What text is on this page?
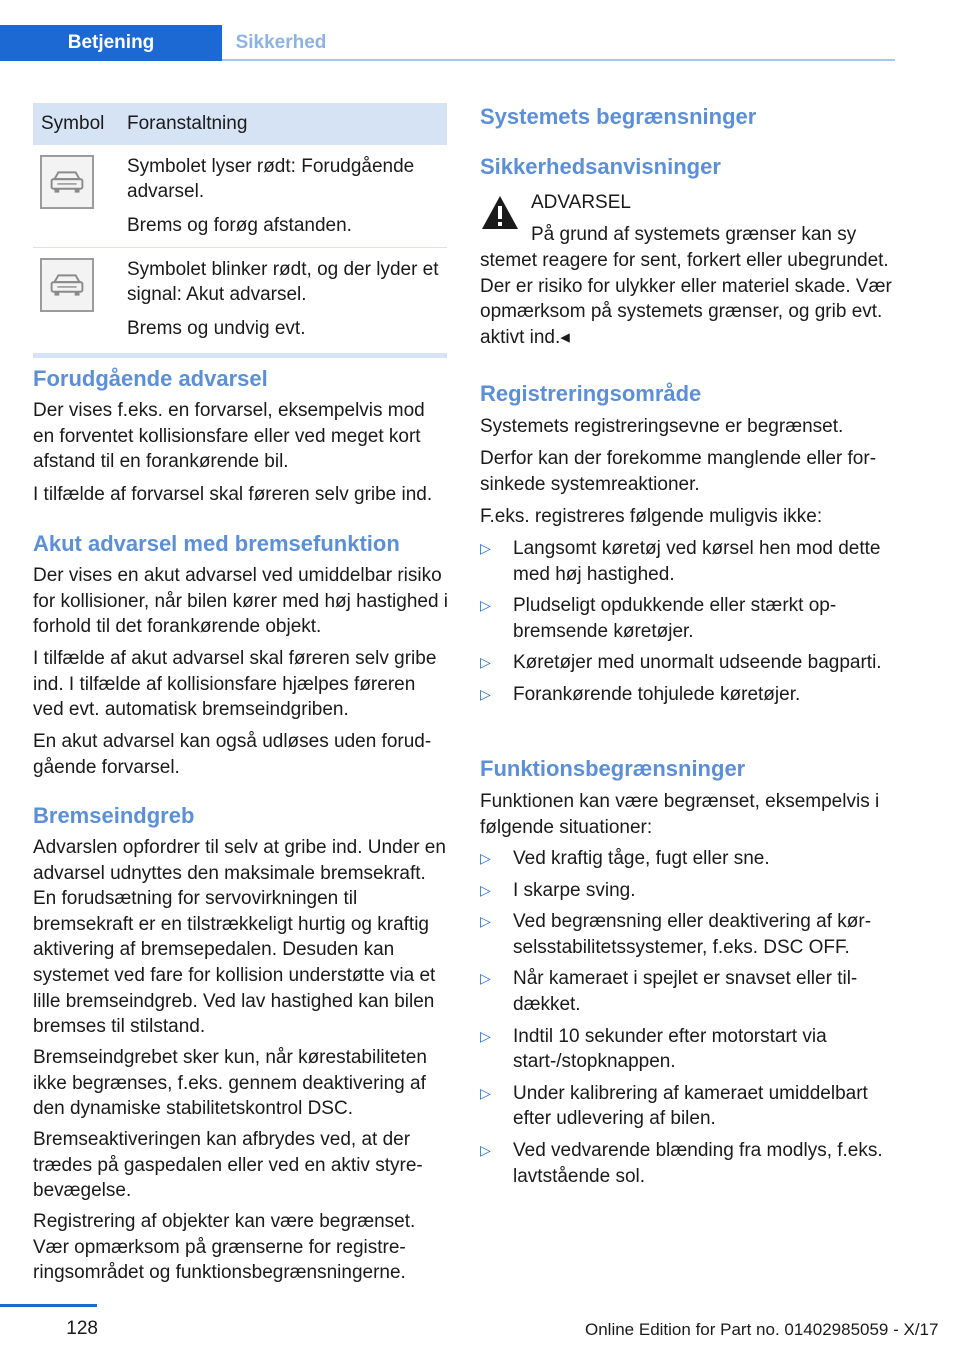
Betjening	Sikkerhed
Symbol	Foranstaltning

Symbolet lyser rødt: Forudgående advarsel.

Brems og forøg afstanden.

Symbolet blinker rødt, og der lyder et signal: Akut advarsel.

Brems og undvig evt.

Forudgående advarsel

Der vises f.eks. en forvarsel, eksempelvis mod en forventet kollisionsfare eller ved meget kort afstand til en forankørende bil.

I tilfælde af forvarsel skal føreren selv gribe ind.

Akut advarsel med bremsefunktion

Der vises en akut advarsel ved umiddelbar risiko for kollisioner, når bilen kører med høj hastighed i forhold til det forankørende objekt.

I tilfælde af akut advarsel skal føreren selv gribe ind. I tilfælde af kollisionsfare hjælpes føreren ved evt. automatisk bremseindgriben.

En akut advarsel kan også udløses uden forudgående forvarsel.

Bremseindgreb

Advarslen opfordrer til selv at gribe ind. Under en advarsel udnyttes den maksimale bremsekraft. En forudsætning for servovirkningen til bremsekraft er en tilstrækkeligt hurtig og kraftig aktivering af bremsepedalen. Desuden kan systemet ved fare for kollision understøtte via et lille bremseindgreb. Ved lav hastighed kan bilen bremses til stilstand.

Bremseindgrebet sker kun, når kørestabiliteten ikke begrænses, f.eks. gennem deaktivering af den dynamiske stabilitetskontrol DSC.

Bremseaktiveringen kan afbrydes ved, at der trædes på gaspedalen eller ved en aktiv styrebevægelse.

Registrering af objekter kan være begrænset. Vær opmærksom på grænserne for registreringsområdet og funktionsbegrænsningerne.

Systemets begrænsninger
Sikkerhedsanvisninger

ADVARSEL

På grund af systemets grænser kan sy

stemet reagere for sent, forkert eller ubegrundet. Der er risiko for ulykker eller materiel skade. Vær opmærksom på systemets grænser, og grib evt. aktivt ind.◂

Registreringsområde

Systemets registreringsevne er begrænset.

Derfor kan der forekomme manglende eller forsinkede systemreaktioner.

F.eks. registreres følgende muligvis ikke:

▷ Langsomt køretøj ved kørsel hen mod dette med høj hastighed.
▷ Pludseligt opdukkende eller stærkt opbremsende køretøjer.
▷ Køretøjer med unormalt udseende bagparti.
▷ Forankørende tohjulede køretøjer.
Funktionsbegrænsninger

Funktionen kan være begrænset, eksempelvis i følgende situationer:

▷ Ved kraftig tåge, fugt eller sne.
▷ I skarpe sving.
▷ Ved begrænsning eller deaktivering af kørselsstabilitetssystemer, f.eks. DSC OFF.
▷ Når kameraet i spejlet er snavset eller tildækket.
▷ Indtil 10 sekunder efter motorstart via start-/stopknappen.
▷ Under kalibrering af kameraet umiddelbart efter udlevering af bilen.
▷ Ved vedvarende blænding fra modlys, f.eks. lavtstående sol.
128	Online Edition for Part no. 01402985059 - X/17
